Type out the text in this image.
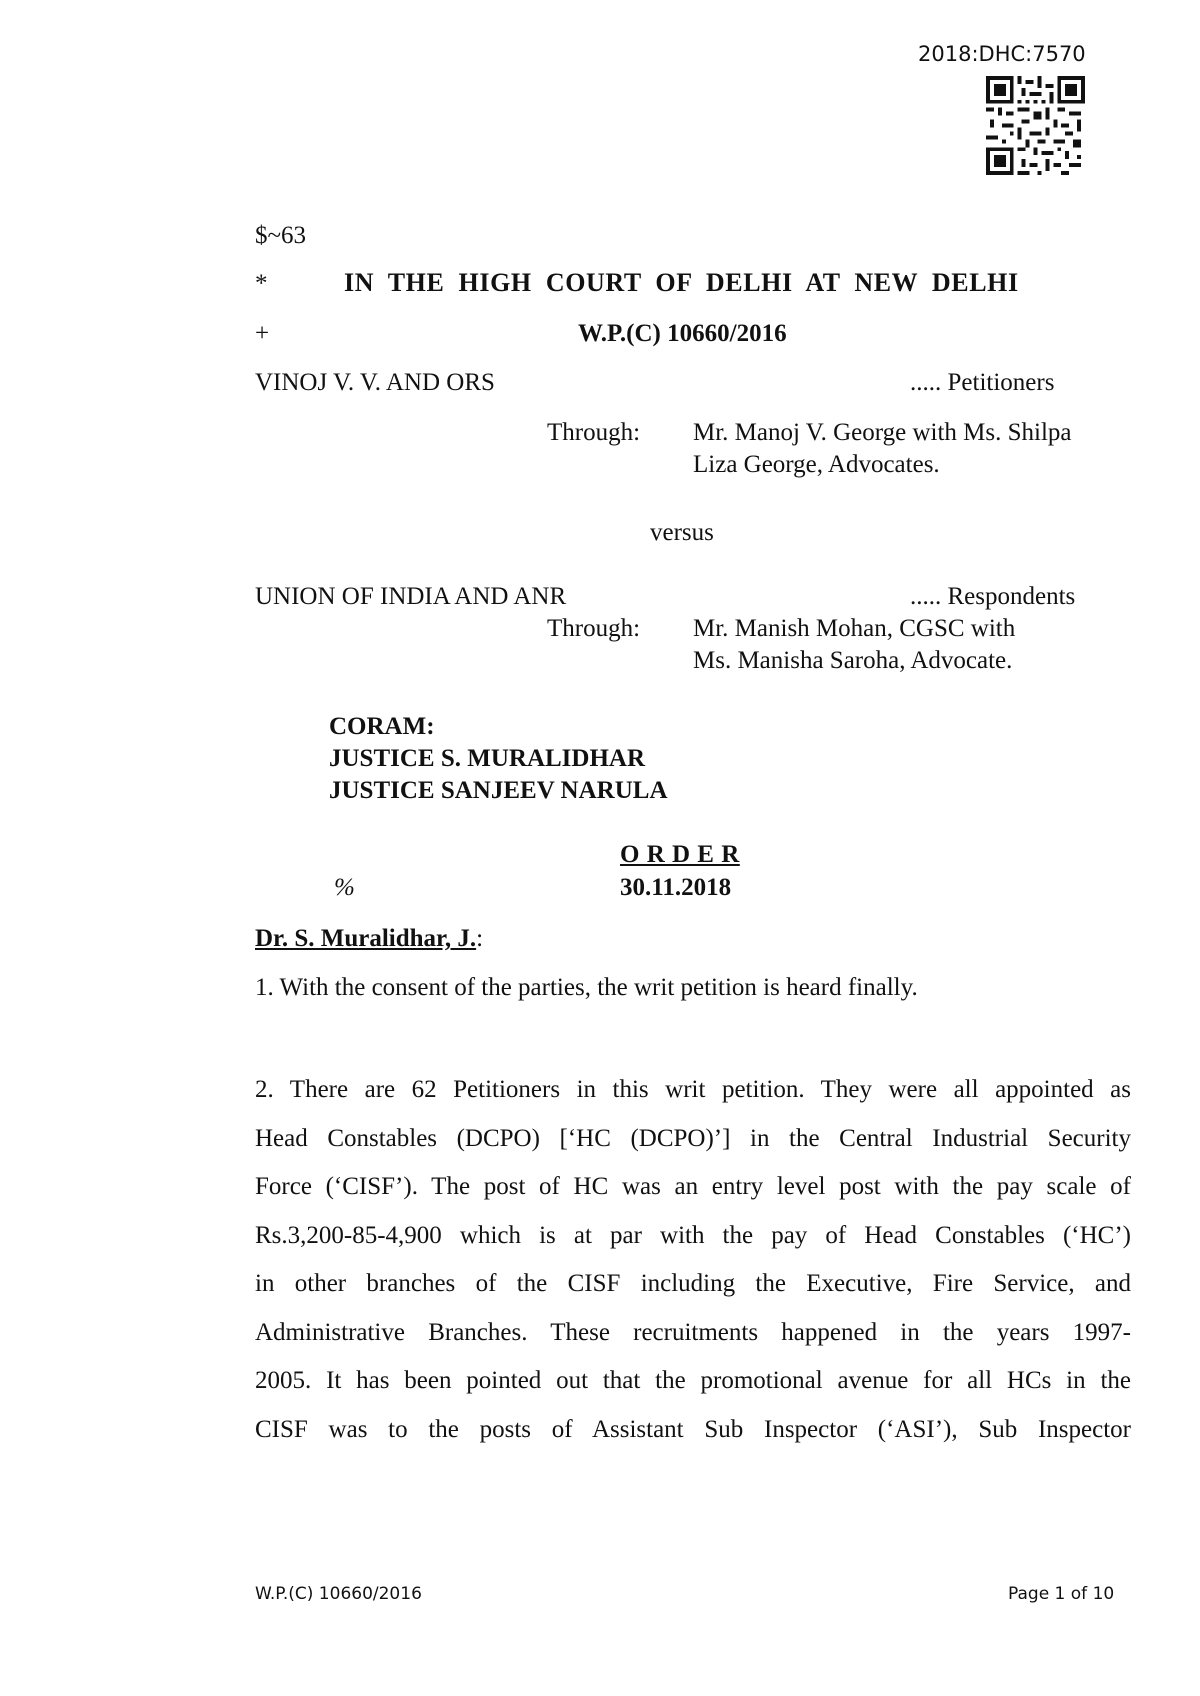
2018:DHC:7570
$~63
*	IN THE HIGH COURT OF DELHI AT NEW DELHI
+	W.P.(C) 10660/2016
VINOJ V. V. AND ORS	..... Petitioners
Through: Mr. Manoj V. George with Ms. Shilpa
Liza George, Advocates.
versus
UNION OF INDIA AND ANR	..... Respondents
Through: Mr. Manish Mohan, CGSC with
Ms. Manisha Saroha, Advocate.
CORAM:
JUSTICE S. MURALIDHAR
JUSTICE SANJEEV NARULA
O R D E R
%	30.11.2018
Dr. S. Muralidhar, J.:
1. With the consent of the parties, the writ petition is heard finally.
2. There are 62 Petitioners in this writ petition. They were all appointed as
Head Constables (DCPO) [‘HC (DCPO)’] in the Central Industrial Security
Force (‘CISF’). The post of HC was an entry level post with the pay scale of
Rs.3,200-85-4,900 which is at par with the pay of Head Constables (‘HC’)
in other branches of the CISF including the Executive, Fire Service, and
Administrative Branches. These recruitments happened in the years 1997-
2005. It has been pointed out that the promotional avenue for all HCs in the
CISF was to the posts of Assistant Sub Inspector (‘ASI’), Sub Inspector
W.P.(C) 10660/2016	Page 1 of 10
